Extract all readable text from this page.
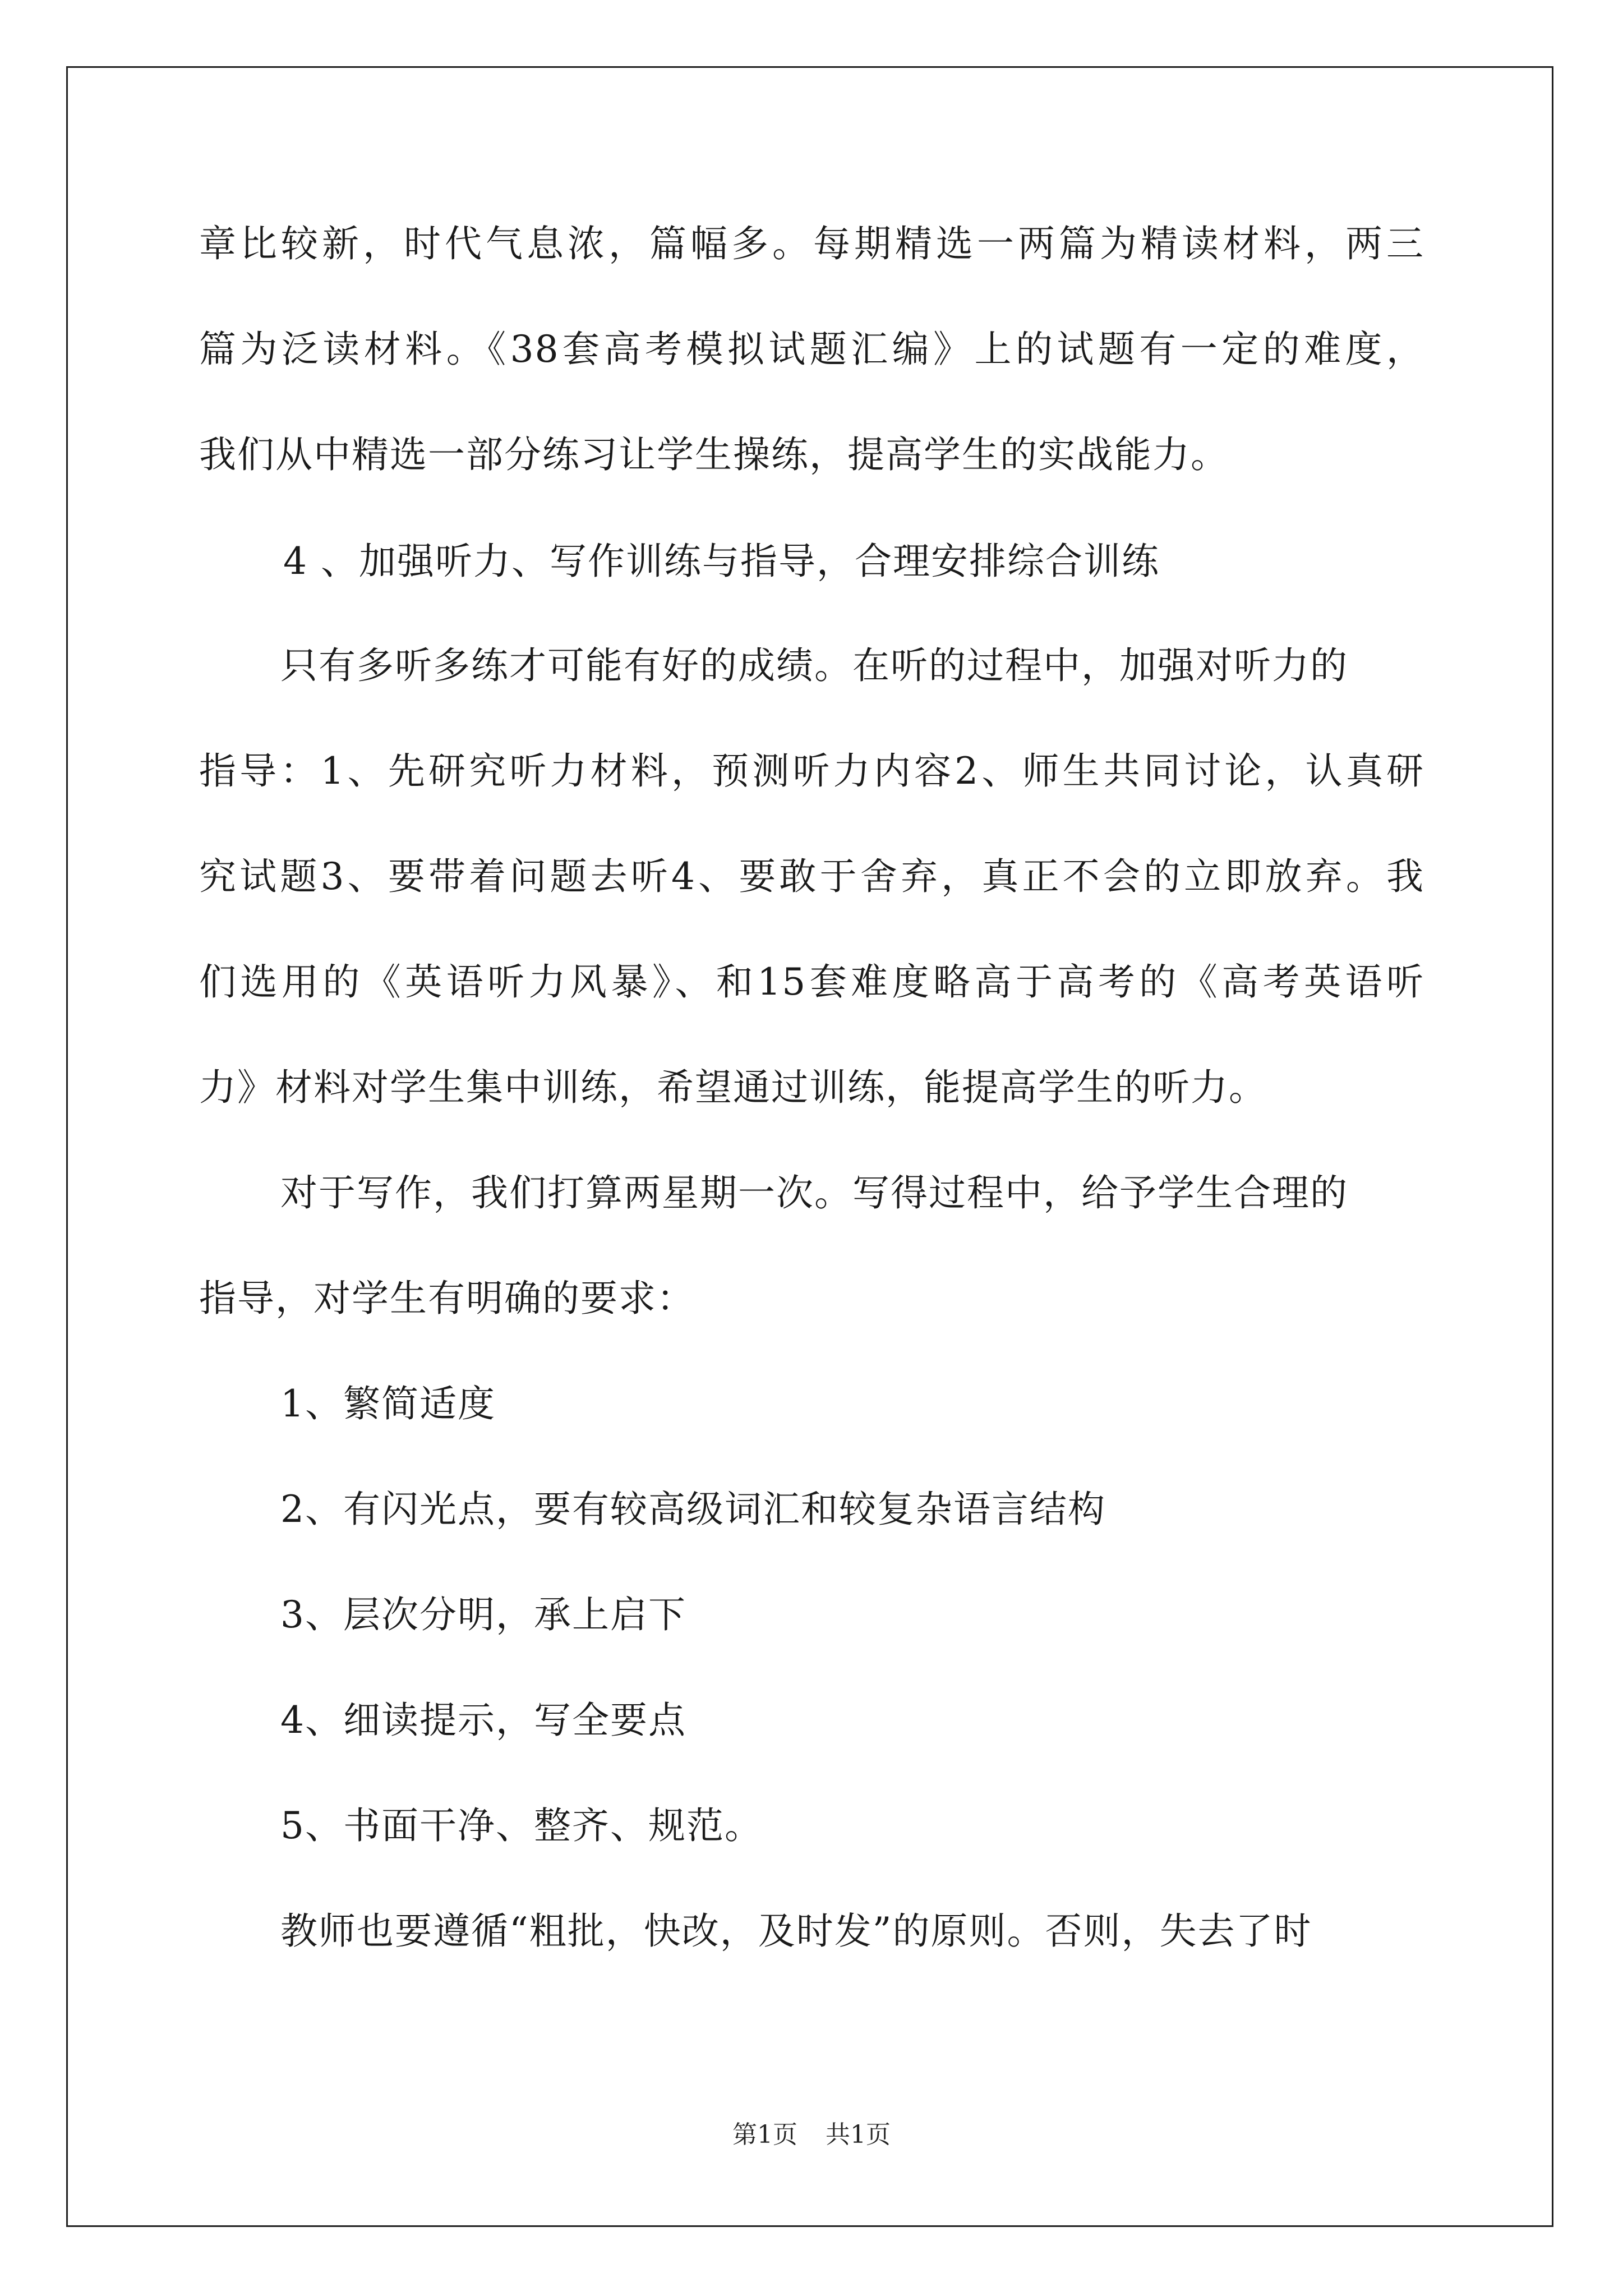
章比较新，时代气息浓，篇幅多。每期精选一两篇为精读材料，两三
篇为泛读材料。《38套高考模拟试题汇编》上的试题有一定的难度，
我们从中精选一部分练习让学生操练，提高学生的实战能力。
4 、加强听力、写作训练与指导，合理安排综合训练
只有多听多练才可能有好的成绩。在听的过程中，加强对听力的
指导：1、先研究听力材料，预测听力内容2、师生共同讨论，认真研
究试题3、要带着问题去听4、要敢于舍弃，真正不会的立即放弃。我
们选用的《英语听力风暴》、和15套难度略高于高考的《高考英语听
力》材料对学生集中训练，希望通过训练，能提高学生的听力。
对于写作，我们打算两星期一次。写得过程中，给予学生合理的
指导，对学生有明确的要求：
1、繁简适度
2、有闪光点，要有较高级词汇和较复杂语言结构
3、层次分明，承上启下
4、细读提示，写全要点
5、书面干净、整齐、规范。
教师也要遵循“粗批，快改，及时发”的原则。否则，失去了时
第1页 共1页
